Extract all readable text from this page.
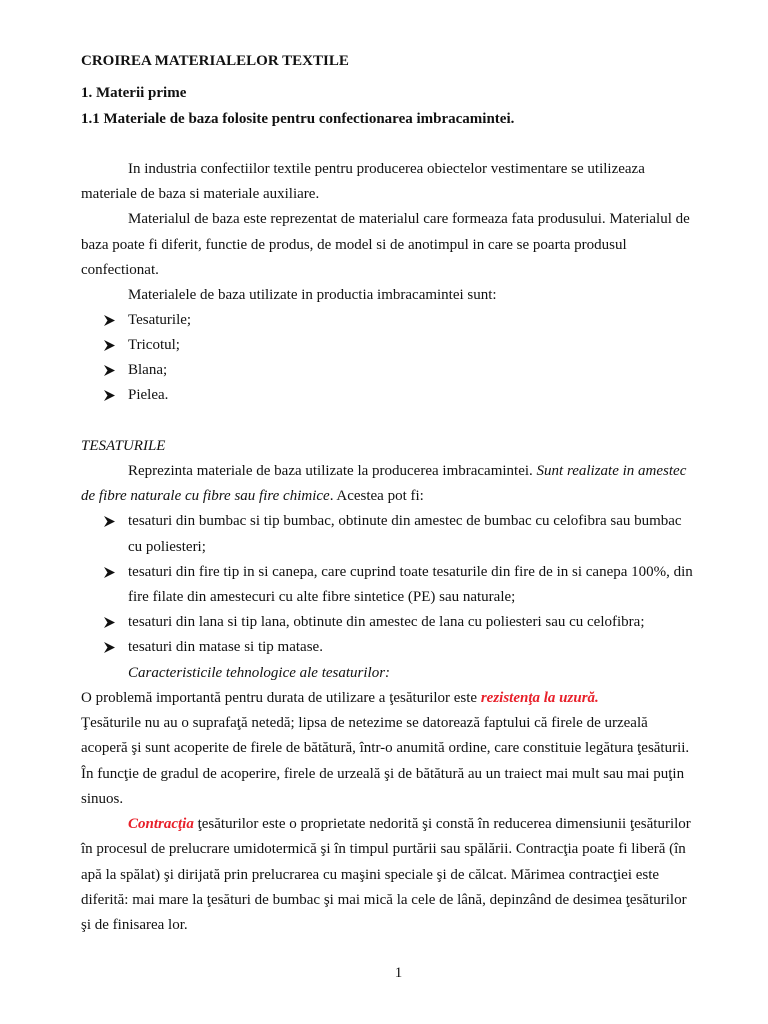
CROIREA MATERIALELOR TEXTILE
1. Materii prime
1.1 Materiale de baza folosite pentru confectionarea imbracamintei.
In industria confectiilor textile pentru producerea obiectelor vestimentare se utilizeaza
materiale de baza si materiale auxiliare.
Materialul de baza este reprezentat de materialul care formeaza fata produsului. Materialul de
baza poate fi diferit, functie de produs, de model si de anotimpul in care se poarta produsul
confectionat.
Materialele de baza utilizate in productia imbracamintei sunt:
Tesaturile;
Tricotul;
Blana;
Pielea.
TESATURILE
Reprezinta materiale de baza utilizate la producerea imbracamintei. Sunt realizate in amestec
de fibre naturale cu fibre sau fire chimice. Acestea pot fi:
tesaturi din bumbac si tip bumbac, obtinute din amestec de bumbac cu celofibra sau bumbac
cu poliesteri;
tesaturi din fire tip in si canepa, care cuprind toate tesaturile din fire de in si canepa 100%, din
fire filate din amestecuri cu alte fibre sintetice (PE) sau naturale;
tesaturi din lana si tip lana, obtinute din amestec de lana cu poliesteri sau cu celofibra;
tesaturi din matase si tip matase.
Caracteristicile tehnologice ale tesaturilor:
O problemă importantă pentru durata de utilizare a ţesăturilor este rezistenţa la uzură.
Ţesăturile nu au o suprafaţă netedă; lipsa de netezime se datorează faptului că firele de urzeală
acoperă şi sunt acoperite de firele de bătătură, într-o anumită ordine, care constituie legătura ţesăturii.
În funcţie de gradul de acoperire, firele de urzeală şi de bătătură au un traiect mai mult sau mai puţin
sinuos.
Contracţia ţesăturilor este o proprietate nedorită şi constă în reducerea dimensiunii ţesăturilor
în procesul de prelucrare umidotermică şi în timpul purtării sau spălării. Contracţia poate fi liberă (în
apă la spălat) şi dirijată prin prelucrarea cu maşini speciale şi de călcat. Mărimea contracţiei este
diferită: mai mare la ţesături de bumbac şi mai mică la cele de lână, depinzând de desimea ţesăturilor
şi de finisarea lor.
1
